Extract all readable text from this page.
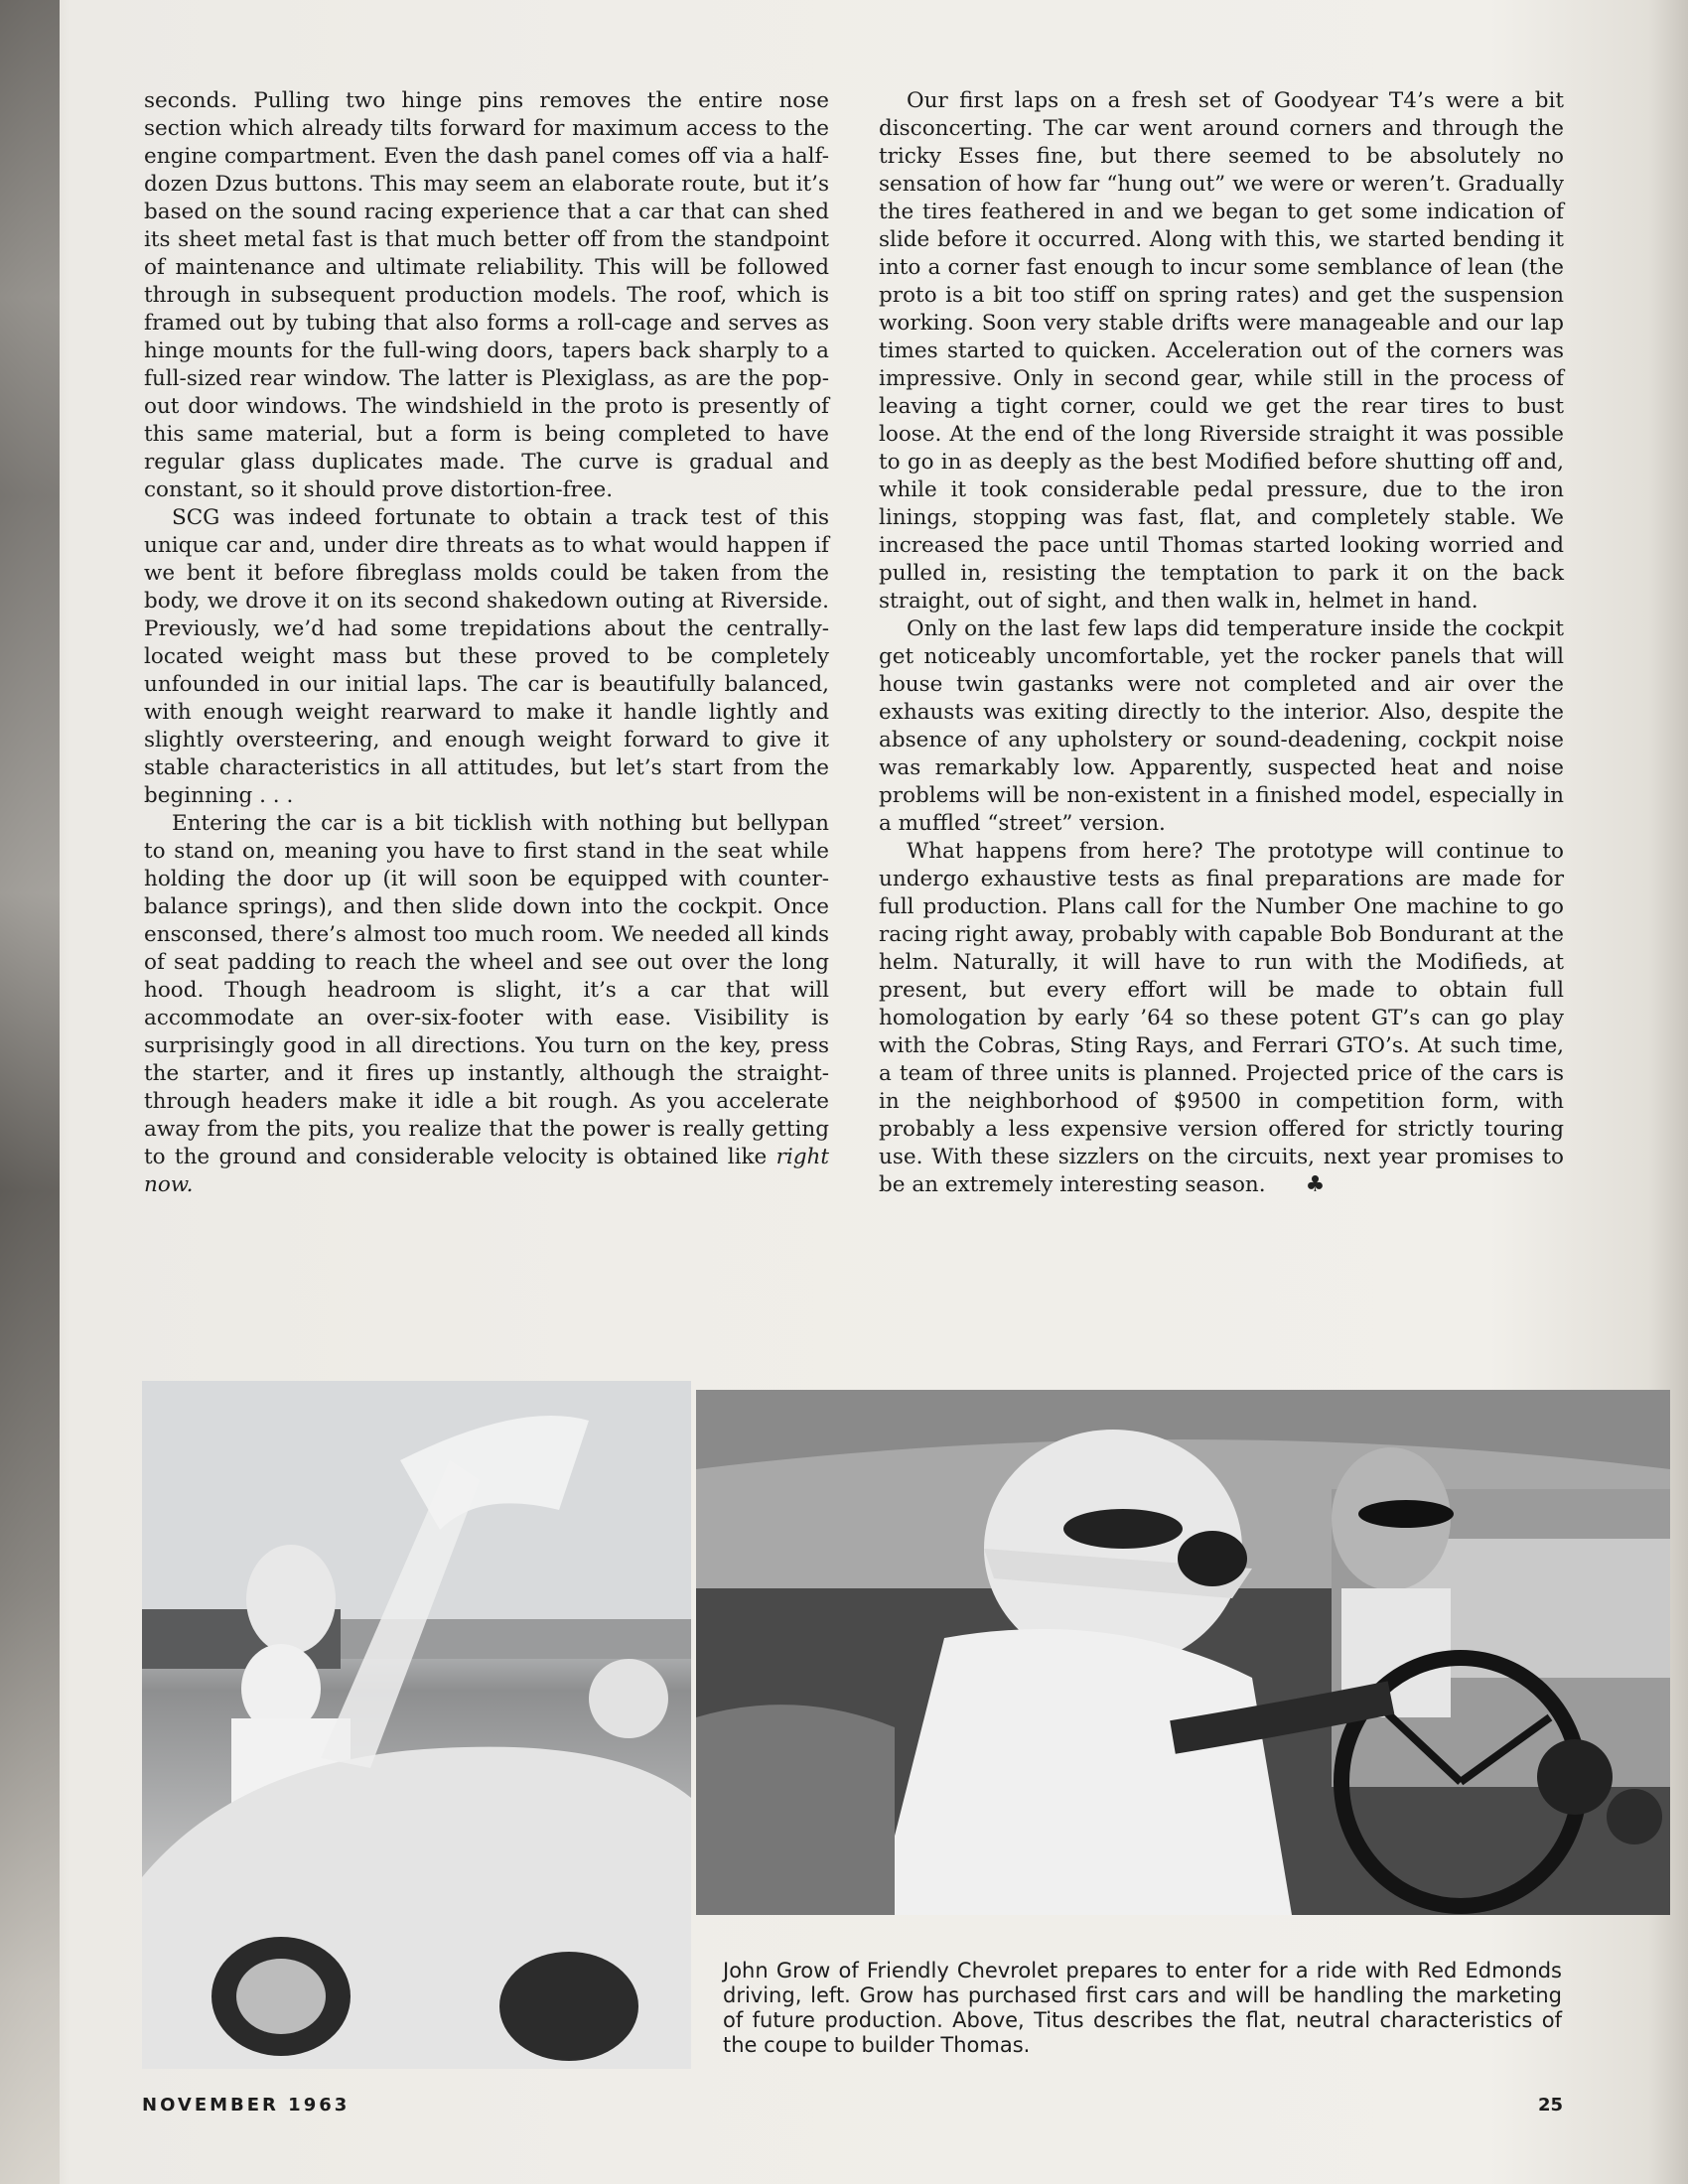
seconds. Pulling two hinge pins removes the entire nose section which already tilts forward for maximum access to the engine compartment. Even the dash panel comes off via a half-dozen Dzus buttons. This may seem an elaborate route, but it’s based on the sound racing experience that a car that can shed its sheet metal fast is that much better off from the standpoint of maintenance and ultimate reliability. This will be followed through in subsequent production models. The roof, which is framed out by tubing that also forms a roll-cage and serves as hinge mounts for the full-wing doors, tapers back sharply to a full-sized rear window. The latter is Plexiglass, as are the pop-out door windows. The windshield in the proto is presently of this same material, but a form is being completed to have regular glass duplicates made. The curve is gradual and constant, so it should prove distortion-free.

SCG was indeed fortunate to obtain a track test of this unique car and, under dire threats as to what would happen if we bent it before fibreglass molds could be taken from the body, we drove it on its second shakedown outing at Riverside. Previously, we’d had some trepidations about the centrally-located weight mass but these proved to be completely unfounded in our initial laps. The car is beautifully balanced, with enough weight rearward to make it handle lightly and slightly oversteering, and enough weight forward to give it stable characteristics in all attitudes, but let’s start from the beginning . . .

Entering the car is a bit ticklish with nothing but bellypan to stand on, meaning you have to first stand in the seat while holding the door up (it will soon be equipped with counter-balance springs), and then slide down into the cockpit. Once ensconsed, there’s almost too much room. We needed all kinds of seat padding to reach the wheel and see out over the long hood. Though headroom is slight, it’s a car that will accommodate an over-six-footer with ease. Visibility is surprisingly good in all directions. You turn on the key, press the starter, and it fires up instantly, although the straight-through headers make it idle a bit rough. As you accelerate away from the pits, you realize that the power is really getting to the ground and considerable velocity is obtained like right now.

Our first laps on a fresh set of Goodyear T4’s were a bit disconcerting. The car went around corners and through the tricky Esses fine, but there seemed to be absolutely no sensation of how far “hung out” we were or weren’t. Gradually the tires feathered in and we began to get some indication of slide before it occurred. Along with this, we started bending it into a corner fast enough to incur some semblance of lean (the proto is a bit too stiff on spring rates) and get the suspension working. Soon very stable drifts were manageable and our lap times started to quicken. Acceleration out of the corners was impressive. Only in second gear, while still in the process of leaving a tight corner, could we get the rear tires to bust loose. At the end of the long Riverside straight it was possible to go in as deeply as the best Modified before shutting off and, while it took considerable pedal pressure, due to the iron linings, stopping was fast, flat, and completely stable. We increased the pace until Thomas started looking worried and pulled in, resisting the temptation to park it on the back straight, out of sight, and then walk in, helmet in hand.

Only on the last few laps did temperature inside the cockpit get noticeably uncomfortable, yet the rocker panels that will house twin gastanks were not completed and air over the exhausts was exiting directly to the interior. Also, despite the absence of any upholstery or sound-deadening, cockpit noise was remarkably low. Apparently, suspected heat and noise problems will be non-existent in a finished model, especially in a muffled “street” version.

What happens from here? The prototype will continue to undergo exhaustive tests as final preparations are made for full production. Plans call for the Number One machine to go racing right away, probably with capable Bob Bondurant at the helm. Naturally, it will have to run with the Modifieds, at present, but every effort will be made to obtain full homologation by early ’64 so these potent GT’s can go play with the Cobras, Sting Rays, and Ferrari GTO’s. At such time, a team of three units is planned. Projected price of the cars is in the neighborhood of $9500 in competition form, with probably a less expensive version offered for strictly touring use. With these sizzlers on the circuits, next year promises to be an extremely interesting season. ♣

John Grow of Friendly Chevrolet prepares to enter for a ride with Red Edmonds driving, left. Grow has purchased first cars and will be handling the marketing of future production. Above, Titus describes the flat, neutral characteristics of the coupe to builder Thomas.
NOVEMBER 1963	25
